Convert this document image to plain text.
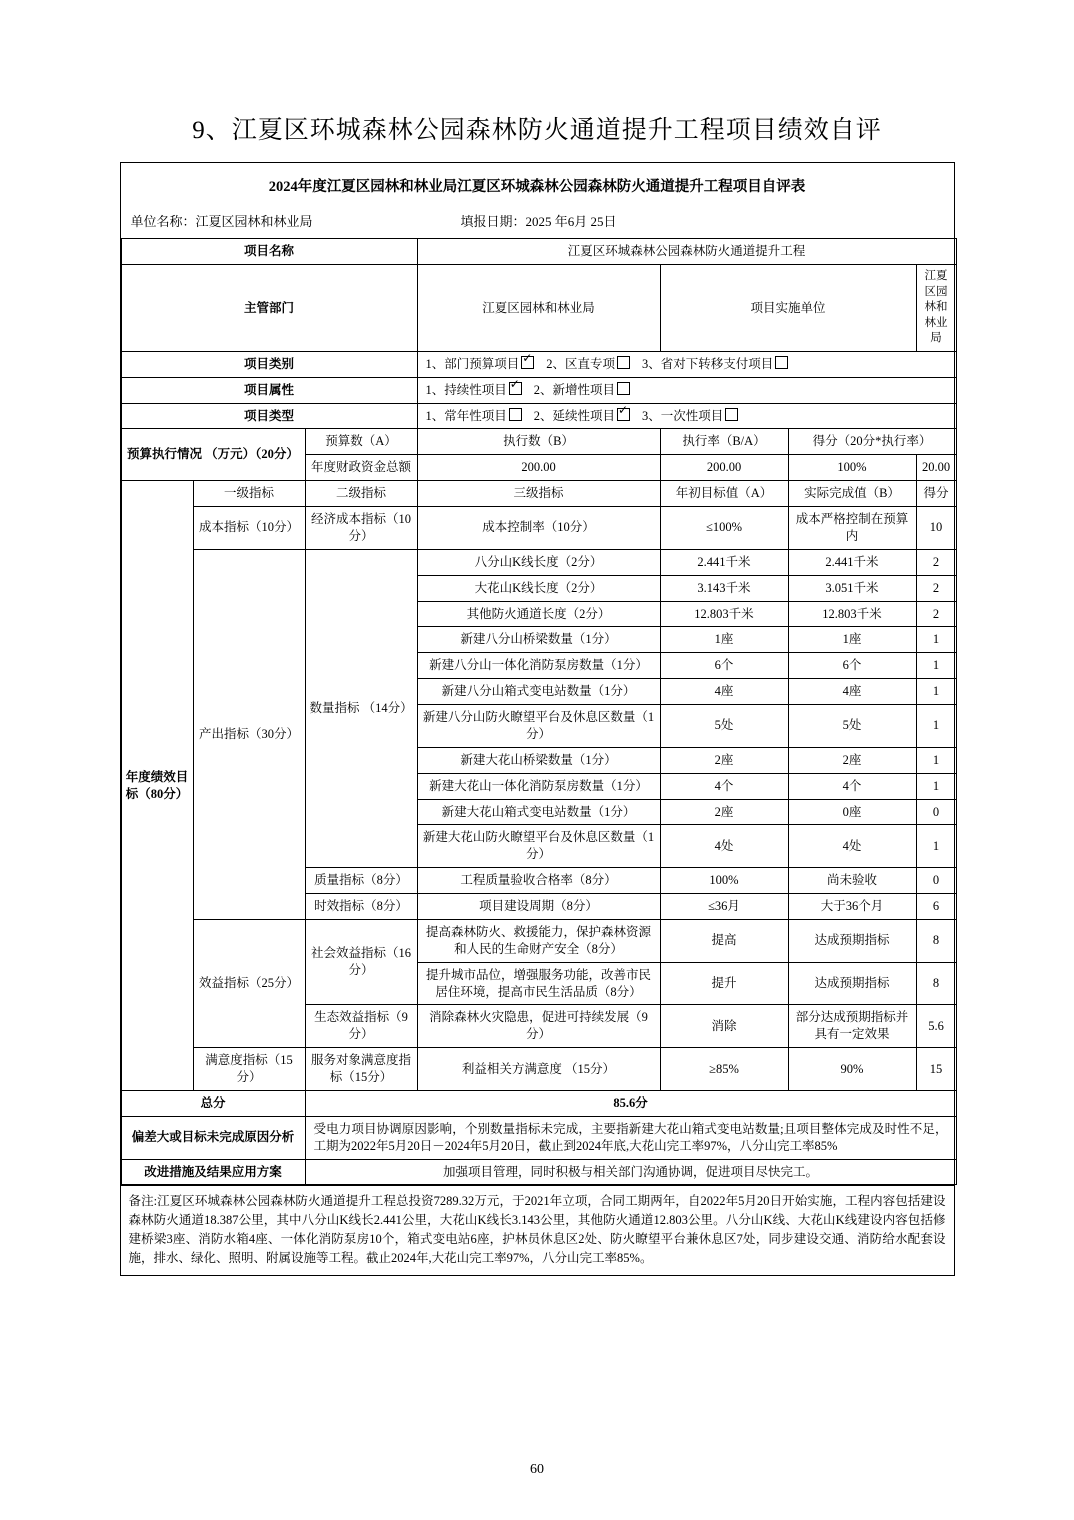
9、江夏区环城森林公园森林防火通道提升工程项目绩效自评
2024年度江夏区园林和林业局江夏区环城森林公园森林防火通道提升工程项目自评表
单位名称：江夏区园林和林业局	填报日期：2025 年6月 25日
项目名称			江夏区环城森林公园森林防火通道提升工程			
主管部门			江夏区园林和林业局	项目实施单位		江夏区园林和林业局
项目类别			1、部门预算项目 ✓ 2、区直专项 3、省对下转移支付项目
项目属性			1、持续性项目 ✓ 2、新增性项目
项目类型			1、常年性项目 2、延续性项目 ✓ 3、一次性项目
预算执行情况 （万元）（20分）		预算数（A）	执行数（B）	执行率（B/A）	得分（20分*执行率）	
		年度财政资金总额	200.00	200.00	100%	20.00
年度绩效目标（80分）	一级指标	二级指标	三级指标	年初目标值（A）	实际完成值（B）	得分
	成本指标（10分）	经济成本指标（10分）	成本控制率（10分）	≤100%	成本严格控制在预算内	10
	产出指标（30分）	数量指标 （14分）	八分山K线长度（2分）	2.441千米	2.441千米	2
			大花山K线长度（2分）	3.143千米	3.051千米	2
			其他防火通道长度（2分）	12.803千米	12.803千米	2
			新建八分山桥梁数量（1分）	1座	1座	1
			新建八分山一体化消防泵房数量（1分）	6个	6个	1
			新建八分山箱式变电站数量（1分）	4座	4座	1
			新建八分山防火瞭望平台及休息区数量（1分）	5处	5处	1
			新建大花山桥梁数量（1分）	2座	2座	1
			新建大花山一体化消防泵房数量（1分）	4个	4个	1
			新建大花山箱式变电站数量（1分）	2座	0座	0
			新建大花山防火瞭望平台及休息区数量（1分）	4处	4处	1
		质量指标（8分）	工程质量验收合格率（8分）	100%	尚未验收	0
		时效指标（8分）	项目建设周期（8分）	≤36月	大于36个月	6
	效益指标（25分）	社会效益指标（16分）	提高森林防火、救援能力，保护森林资源和人民的生命财产安全（8分）	提高	达成预期指标	8
			提升城市品位，增强服务功能，改善市民居住环境，提高市民生活品质（8分）	提升	达成预期指标	8
		生态效益指标（9分）	消除森林火灾隐患，促进可持续发展（9分）	消除	部分达成预期指标并具有一定效果	5.6
	满意度指标（15分）	服务对象满意度指标（15分）	利益相关方满意度 （15分）	≥85%	90%	15
总分		85.6分				
偏差大或目标未完成原因分析		受电力项目协调原因影响，个别数量指标未完成，主要指新建大花山箱式变电站数量;且项目整体完成及时性不足，工期为2022年5月20日－2024年5月20日，截止到2024年底,大花山完工率97%，八分山完工率85%				
改进措施及结果应用方案		加强项目管理，同时积极与相关部门沟通协调，促进项目尽快完工。				
备注:江夏区环城森林公园森林防火通道提升工程总投资7289.32万元，于2021年立项，合同工期两年，自2022年5月20日开始实施，工程内容包括建设森林防火通道18.387公里，其中八分山K线长2.441公里，大花山K线长3.143公里，其他防火通道12.803公里。八分山K线、大花山K线建设内容包括修建桥梁3座、消防水箱4座、一体化消防泵房10个，箱式变电站6座，护林员休息区2处、防火瞭望平台兼休息区7处，同步建设交通、消防给水配套设施，排水、绿化、照明、附属设施等工程。截止2024年,大花山完工率97%，八分山完工率85%。
60
